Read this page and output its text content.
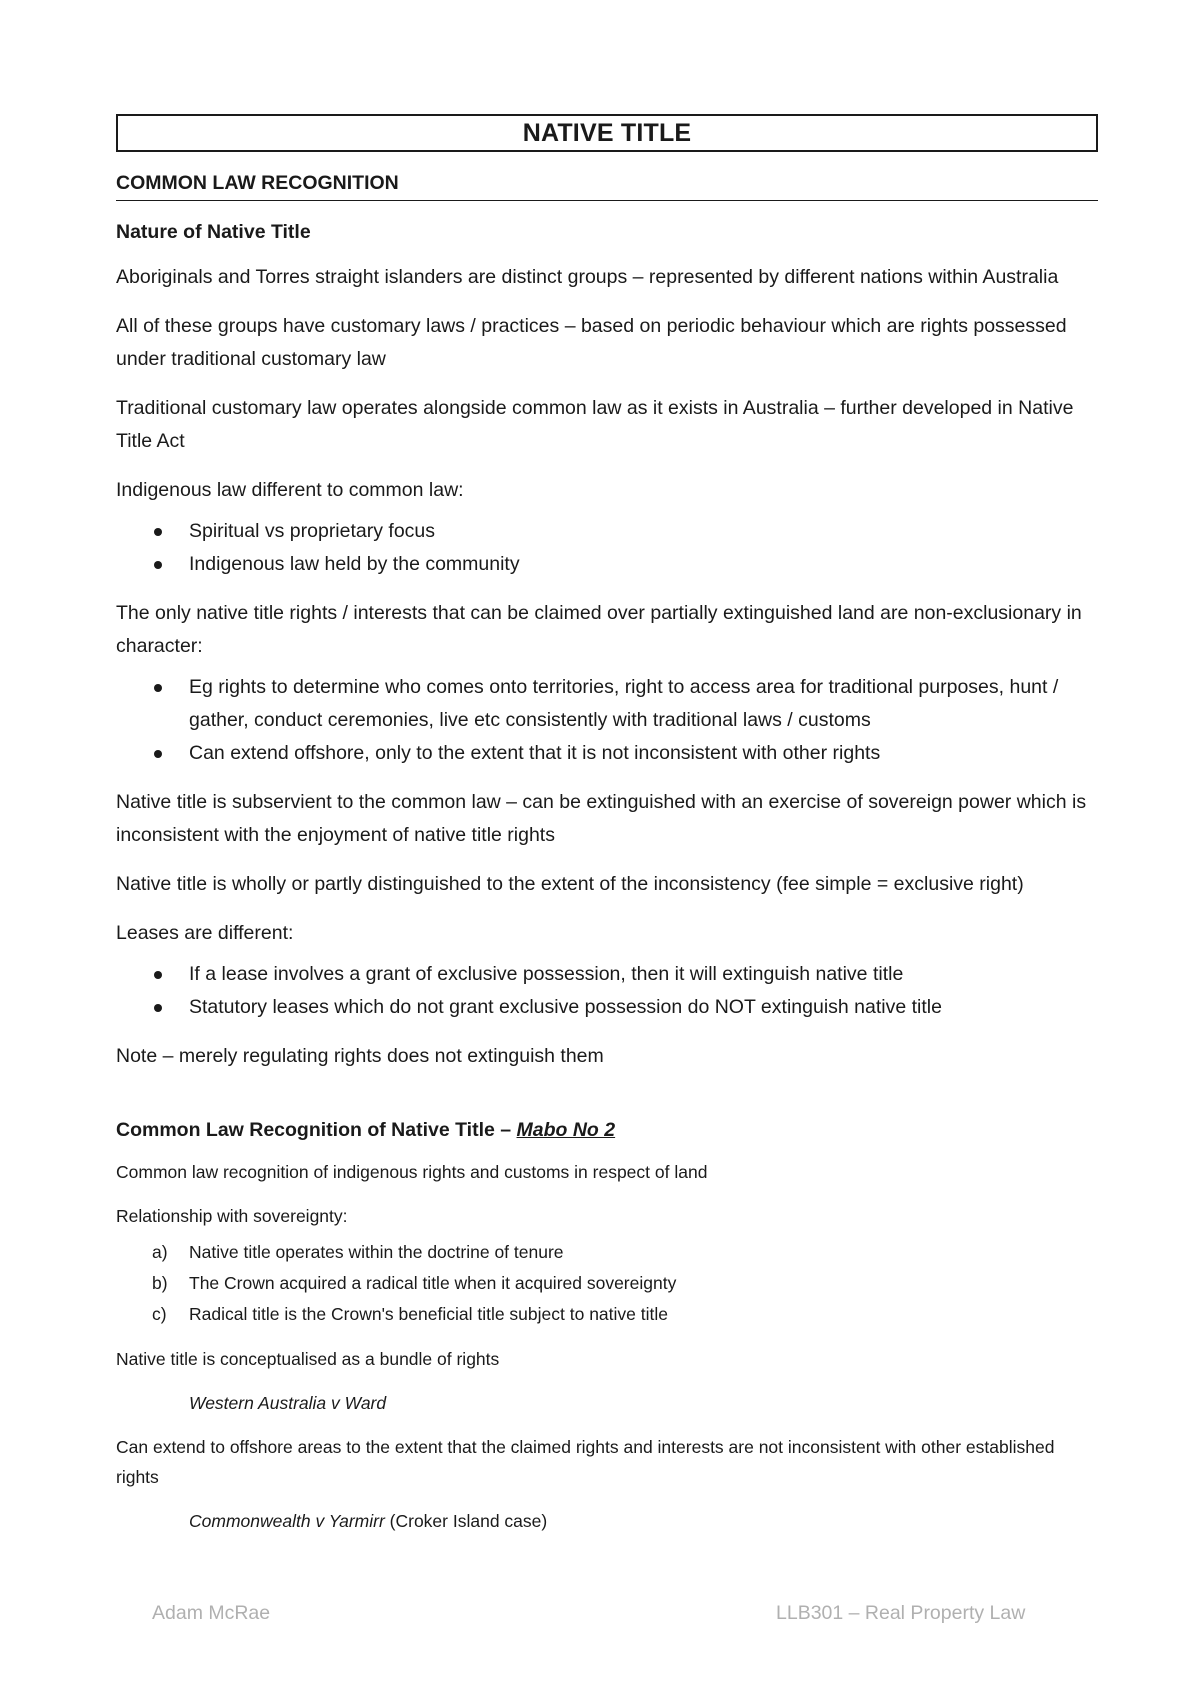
NATIVE TITLE
COMMON LAW RECOGNITION
Nature of Native Title

Aboriginals and Torres straight islanders are distinct groups – represented by different nations within Australia

All of these groups have customary laws / practices – based on periodic behaviour which are rights possessed under traditional customary law

Traditional customary law operates alongside common law as it exists in Australia – further developed in Native Title Act

Indigenous law different to common law:

Spiritual vs proprietary focus
Indigenous law held by the community

The only native title rights / interests that can be claimed over partially extinguished land are non-exclusionary in character:

Eg rights to determine who comes onto territories, right to access area for traditional purposes, hunt / gather, conduct ceremonies, live etc consistently with traditional laws / customs
Can extend offshore, only to the extent that it is not inconsistent with other rights

Native title is subservient to the common law – can be extinguished with an exercise of sovereign power which is inconsistent with the enjoyment of native title rights

Native title is wholly or partly distinguished to the extent of the inconsistency (fee simple = exclusive right)

Leases are different:

If a lease involves a grant of exclusive possession, then it will extinguish native title
Statutory leases which do not grant exclusive possession do NOT extinguish native title

Note – merely regulating rights does not extinguish them

Common Law Recognition of Native Title – Mabo No 2

Common law recognition of indigenous rights and customs in respect of land

Relationship with sovereignty:

a) Native title operates within the doctrine of tenure
b) The Crown acquired a radical title when it acquired sovereignty
c) Radical title is the Crown's beneficial title subject to native title

Native title is conceptualised as a bundle of rights

Western Australia v Ward

Can extend to offshore areas to the extent that the claimed rights and interests are not inconsistent with other established rights

Commonwealth v Yarmirr (Croker Island case)
Adam McRae	LLB301 – Real Property Law
